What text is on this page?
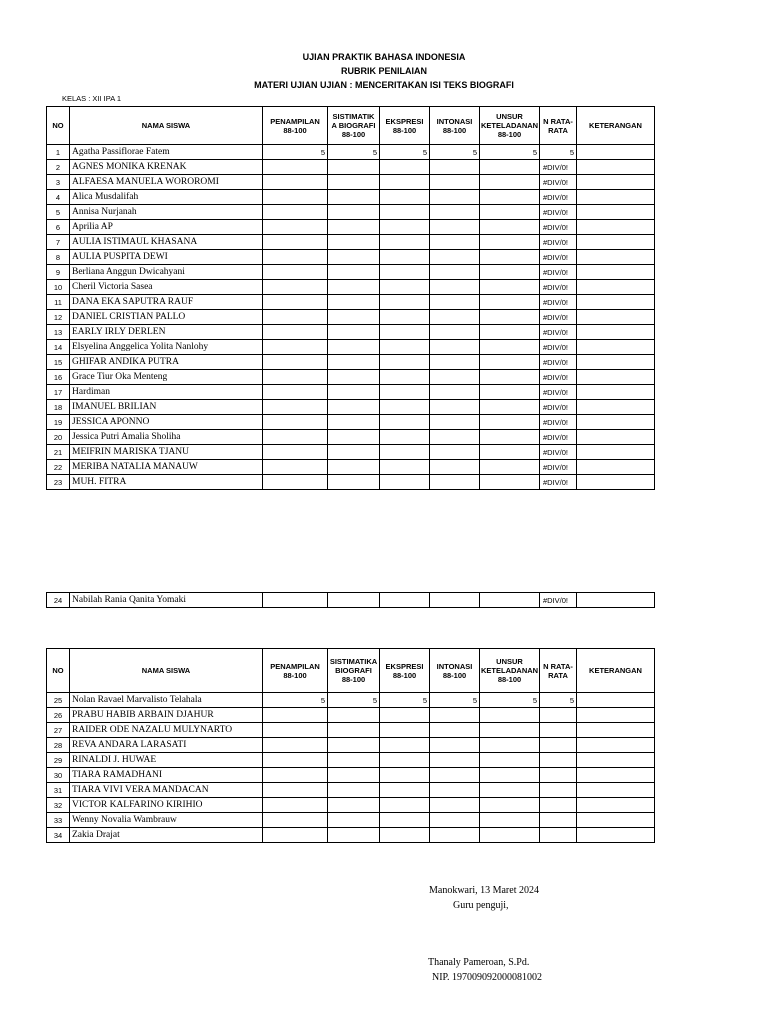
UJIAN PRAKTIK BAHASA INDONESIA
RUBRIK PENILAIAN
MATERI UJIAN UJIAN : MENCERITAKAN ISI TEKS BIOGRAFI
KELAS : XII IPA 1
NO	NAMA SISWA	PENAMPILAN 88-100	SISTIMATIK A BIOGRAFI 88-100	EKSPRESI 88-100	INTONASI 88-100	UNSUR KETELADANAN 88-100	N RATA-RATA	KETERANGAN
1	Agatha Passiflorae Fatem	5	5	5	5	5	5	
2	AGNES MONIKA KRENAK						#DIV/0!	
3	ALFAESA MANUELA WOROROMI						#DIV/0!	
4	Alica Musdalifah						#DIV/0!	
5	Annisa Nurjanah						#DIV/0!	
6	Aprilia AP						#DIV/0!	
7	AULIA ISTIMAUL KHASANA						#DIV/0!	
8	AULIA PUSPITA DEWI						#DIV/0!	
9	Berliana Anggun Dwicahyani						#DIV/0!	
10	Cheril Victoria Sasea						#DIV/0!	
11	DANA EKA SAPUTRA RAUF						#DIV/0!	
12	DANIEL CRISTIAN PALLO						#DIV/0!	
13	EARLY IRLY DERLEN						#DIV/0!	
14	Elsyelina Anggelica Yolita Nanlohy						#DIV/0!	
15	GHIFAR ANDIKA PUTRA						#DIV/0!	
16	Grace Tiur Oka Menteng						#DIV/0!	
17	Hardiman						#DIV/0!	
18	IMANUEL BRILIAN						#DIV/0!	
19	JESSICA APONNO						#DIV/0!	
20	Jessica Putri Amalia Sholiha						#DIV/0!	
21	MEIFRIN MARISKA TJANU						#DIV/0!	
22	MERIBA NATALIA MANAUW						#DIV/0!	
23	MUH. FITRA						#DIV/0!	
24	Nabilah Rania Qanita Yomaki						#DIV/0!	
NO	NAMA SISWA	PENAMPILAN 88-100	SISTIMATIKA BIOGRAFI 88-100	EKSPRESI 88-100	INTONASI 88-100	UNSUR KETELADANAN 88-100	N RATA-RATA	KETERANGAN
25	Nolan Ravael Marvalisto Telahala	5	5	5	5	5	5	
26	PRABU HABIB ARBAIN DJAHUR							
27	RAIDER ODE NAZALU MULYNARTO							
28	REVA ANDARA LARASATI							
29	RINALDI J. HUWAE							
30	TIARA RAMADHANI							
31	TIARA VIVI VERA MANDACAN							
32	VICTOR KALFARINO KIRIHIO							
33	Wenny Novalia Wambrauw							
34	Zakia Drajat							
Manokwari, 13 Maret 2024
Guru penguji,
Thanaly Pameroan, S.Pd.
NIP. 197009092000081002
